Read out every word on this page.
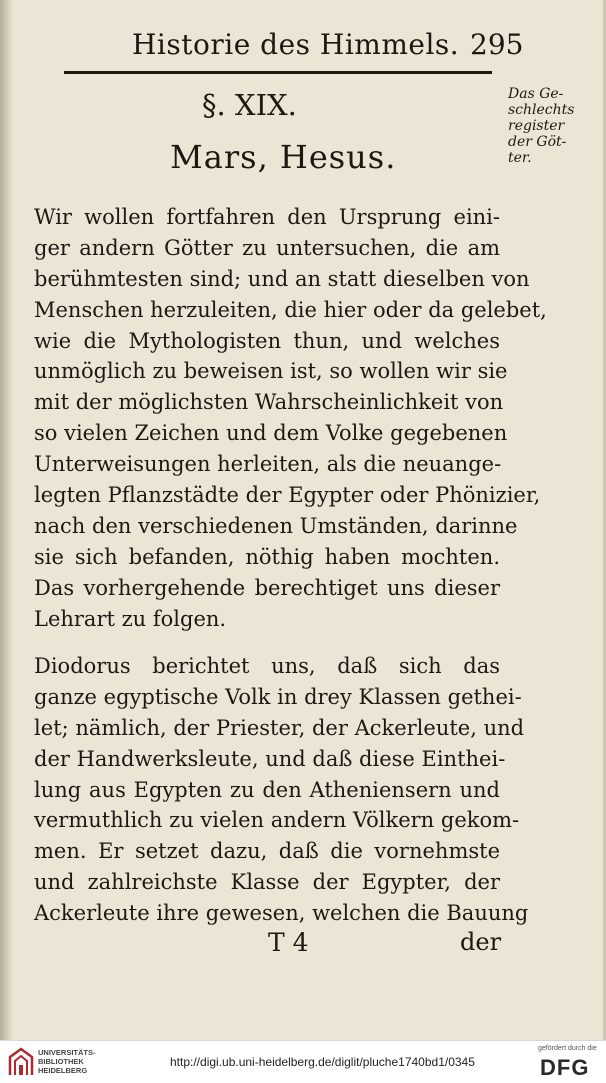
Historie des Himmels. 295
§. XIX.
Mars, Hesus.
Das Ge-
schlechts
register
der Göt-
ter.
Wir wollen fortfahren den Ursprung eini-
ger andern Götter zu untersuchen, die am
berühmtesten sind; und an statt dieselben von
Menschen herzuleiten, die hier oder da gelebet,
wie die Mythologisten thun, und welches
unmöglich zu beweisen ist, so wollen wir sie
mit der möglichsten Wahrscheinlichkeit von
so vielen Zeichen und dem Volke gegebenen
Unterweisungen herleiten, als die neuange-
legten Pflanzstädte der Egypter oder Phönizier,
nach den verschiedenen Umständen, darinne
sie sich befanden, nöthig haben mochten.
Das vorhergehende berechtiget uns dieser
Lehrart zu folgen.
Diodorus berichtet uns, daß sich das
ganze egyptische Volk in drey Klassen gethei-
let; nämlich, der Priester, der Ackerleute, und
der Handwerksleute, und daß diese Einthei-
lung aus Egypten zu den Atheniensern und
vermuthlich zu vielen andern Völkern gekom-
men. Er setzet dazu, daß die vornehmste
und zahlreichste Klasse der Egypter, der
Ackerleute ihre gewesen, welchen die Bauung
T 4	der
UNIVERSITÄTS-
BIBLIOTHEK
HEIDELBERG
http://digi.ub.uni-heidelberg.de/diglit/pluche1740bd1/0345
gefördert durch die
DFG
